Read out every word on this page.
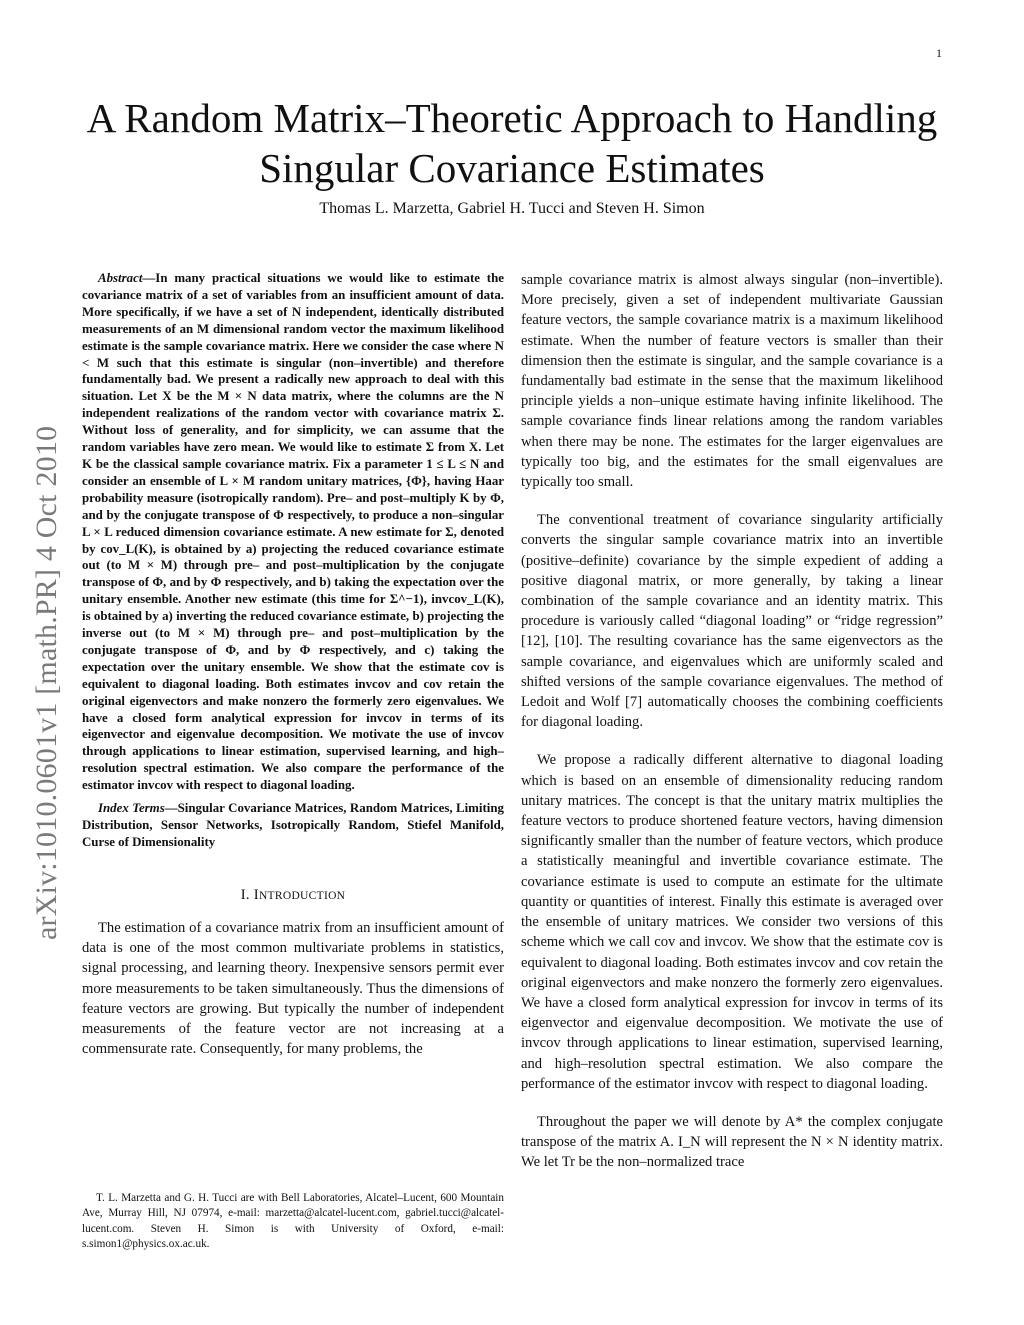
1
arXiv:1010.0601v1 [math.PR] 4 Oct 2010
A Random Matrix–Theoretic Approach to Handling Singular Covariance Estimates
Thomas L. Marzetta, Gabriel H. Tucci and Steven H. Simon

Abstract—In many practical situations we would like to estimate the covariance matrix of a set of variables from an insufficient amount of data. More specifically, if we have a set of N independent, identically distributed measurements of an M dimensional random vector the maximum likelihood estimate is the sample covariance matrix. Here we consider the case where N < M such that this estimate is singular (non–invertible) and therefore fundamentally bad. We present a radically new approach to deal with this situation. Let X be the M × N data matrix, where the columns are the N independent realizations of the random vector with covariance matrix Σ. Without loss of generality, and for simplicity, we can assume that the random variables have zero mean. We would like to estimate Σ from X. Let K be the classical sample covariance matrix. Fix a parameter 1 ≤ L ≤ N and consider an ensemble of L × M random unitary matrices, {Φ}, having Haar probability measure (isotropically random). Pre– and post–multiply K by Φ, and by the conjugate transpose of Φ respectively, to produce a non–singular L × L reduced dimension covariance estimate. A new estimate for Σ, denoted by cov_L(K), is obtained by a) projecting the reduced covariance estimate out (to M × M) through pre– and post–multiplication by the conjugate transpose of Φ, and by Φ respectively, and b) taking the expectation over the unitary ensemble. Another new estimate (this time for Σ^−1), invcov_L(K), is obtained by a) inverting the reduced covariance estimate, b) projecting the inverse out (to M × M) through pre– and post–multiplication by the conjugate transpose of Φ, and by Φ respectively, and c) taking the expectation over the unitary ensemble. We show that the estimate cov is equivalent to diagonal loading. Both estimates invcov and cov retain the original eigenvectors and make nonzero the formerly zero eigenvalues. We have a closed form analytical expression for invcov in terms of its eigenvector and eigenvalue decomposition. We motivate the use of invcov through applications to linear estimation, supervised learning, and high–resolution spectral estimation. We also compare the performance of the estimator invcov with respect to diagonal loading.

Index Terms—Singular Covariance Matrices, Random Matrices, Limiting Distribution, Sensor Networks, Isotropically Random, Stiefel Manifold, Curse of Dimensionality

I. INTRODUCTION

The estimation of a covariance matrix from an insufficient amount of data is one of the most common multivariate problems in statistics, signal processing, and learning theory. Inexpensive sensors permit ever more measurements to be taken simultaneously. Thus the dimensions of feature vectors are growing. But typically the number of independent measurements of the feature vector are not increasing at a commensurate rate. Consequently, for many problems, the

T. L. Marzetta and G. H. Tucci are with Bell Laboratories, Alcatel–Lucent, 600 Mountain Ave, Murray Hill, NJ 07974, e-mail: marzetta@alcatel-lucent.com, gabriel.tucci@alcatel-lucent.com. Steven H. Simon is with University of Oxford, e-mail: s.simon1@physics.ox.ac.uk.

sample covariance matrix is almost always singular (non–invertible). More precisely, given a set of independent multivariate Gaussian feature vectors, the sample covariance matrix is a maximum likelihood estimate. When the number of feature vectors is smaller than their dimension then the estimate is singular, and the sample covariance is a fundamentally bad estimate in the sense that the maximum likelihood principle yields a non–unique estimate having infinite likelihood. The sample covariance finds linear relations among the random variables when there may be none. The estimates for the larger eigenvalues are typically too big, and the estimates for the small eigenvalues are typically too small.

The conventional treatment of covariance singularity artificially converts the singular sample covariance matrix into an invertible (positive–definite) covariance by the simple expedient of adding a positive diagonal matrix, or more generally, by taking a linear combination of the sample covariance and an identity matrix. This procedure is variously called “diagonal loading” or “ridge regression” [12], [10]. The resulting covariance has the same eigenvectors as the sample covariance, and eigenvalues which are uniformly scaled and shifted versions of the sample covariance eigenvalues. The method of Ledoit and Wolf [7] automatically chooses the combining coefficients for diagonal loading.

We propose a radically different alternative to diagonal loading which is based on an ensemble of dimensionality reducing random unitary matrices. The concept is that the unitary matrix multiplies the feature vectors to produce shortened feature vectors, having dimension significantly smaller than the number of feature vectors, which produce a statistically meaningful and invertible covariance estimate. The covariance estimate is used to compute an estimate for the ultimate quantity or quantities of interest. Finally this estimate is averaged over the ensemble of unitary matrices. We consider two versions of this scheme which we call cov and invcov. We show that the estimate cov is equivalent to diagonal loading. Both estimates invcov and cov retain the original eigenvectors and make nonzero the formerly zero eigenvalues. We have a closed form analytical expression for invcov in terms of its eigenvector and eigenvalue decomposition. We motivate the use of invcov through applications to linear estimation, supervised learning, and high–resolution spectral estimation. We also compare the performance of the estimator invcov with respect to diagonal loading.

Throughout the paper we will denote by A* the complex conjugate transpose of the matrix A. I_N will represent the N × N identity matrix. We let Tr be the non–normalized trace
